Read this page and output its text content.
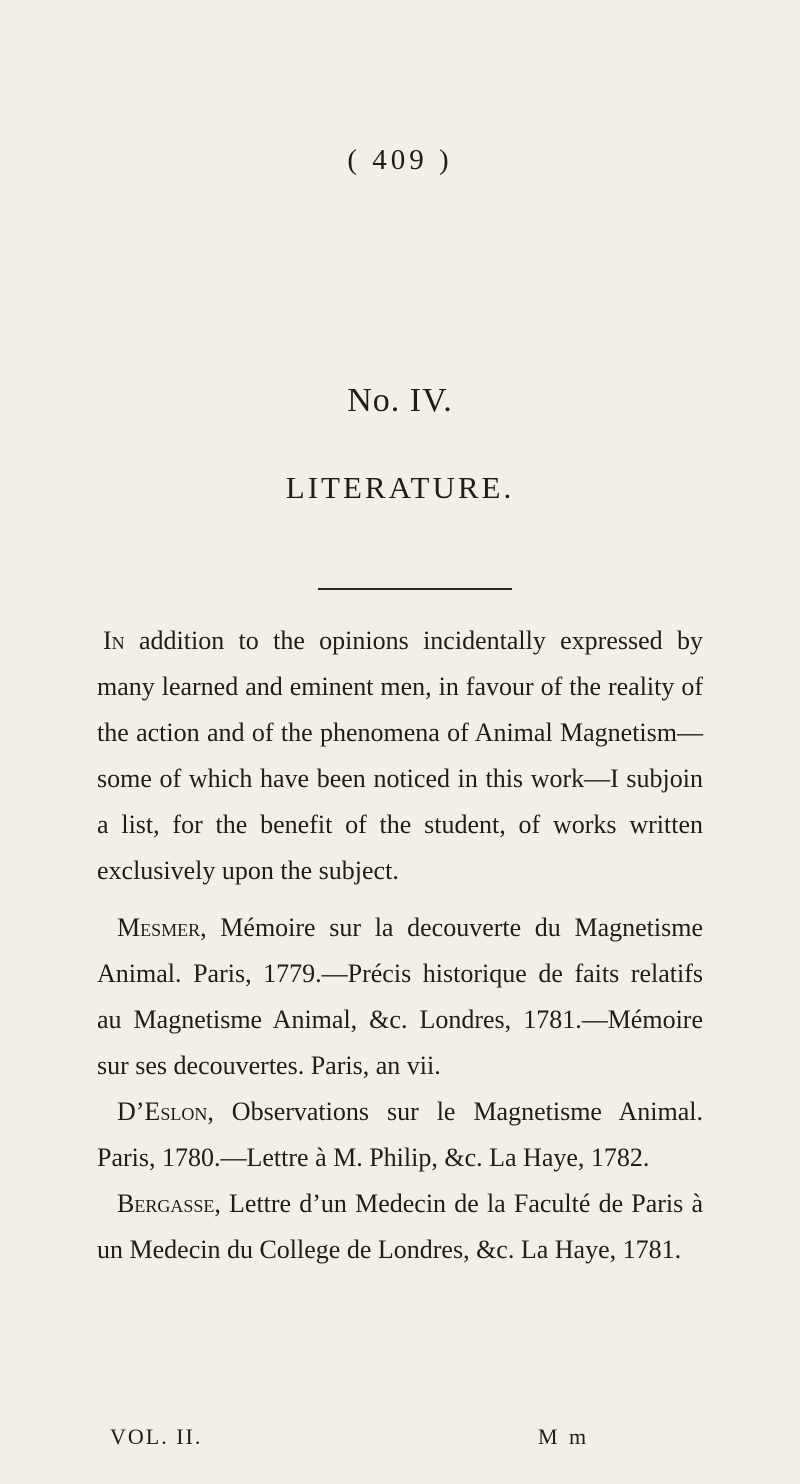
( 409 )
No. IV.
LITERATURE.

In addition to the opinions incidentally expressed by many learned and eminent men, in favour of the reality of the action and of the phenomena of Animal Magnetism—some of which have been noticed in this work—I subjoin a list, for the benefit of the student, of works written exclusively upon the subject.

Mesmer, Mémoire sur la decouverte du Magnetisme Animal. Paris, 1779.—Précis historique de faits relatifs au Magnetisme Animal, &c. Londres, 1781.—Mémoire sur ses decouvertes. Paris, an vii.

D’Eslon, Observations sur le Magnetisme Animal. Paris, 1780.—Lettre à M. Philip, &c. La Haye, 1782.

Bergasse, Lettre d’un Medecin de la Faculté de Paris à un Medecin du College de Londres, &c. La Haye, 1781.

VOL. II.	M m
